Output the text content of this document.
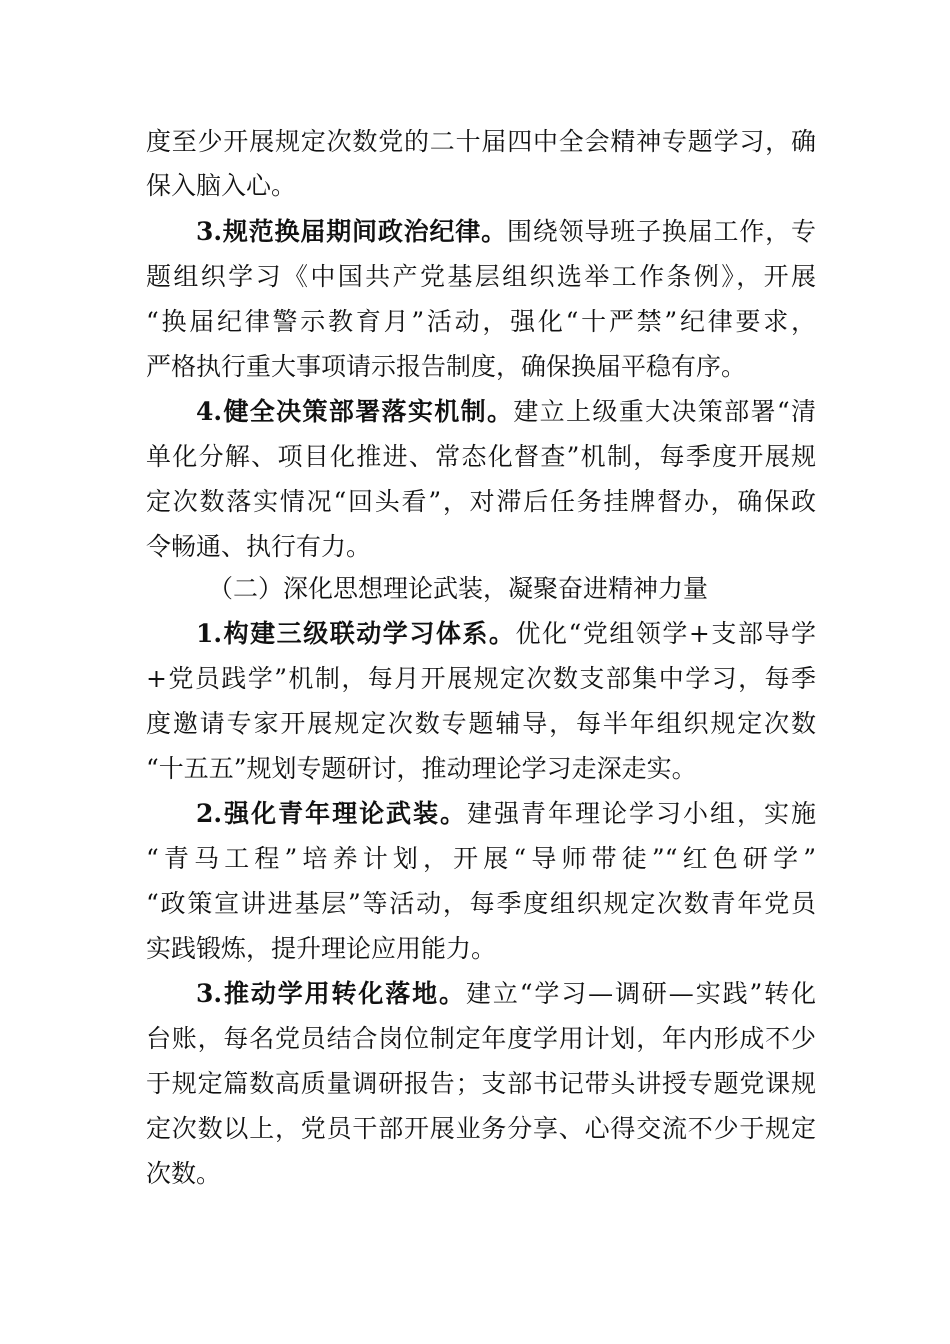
度至少开展规定次数党的二十届四中全会精神专题学习，确
保入脑入心。
3.规范换届期间政治纪律。围绕领导班子换届工作，专
题组织学习《中国共产党基层组织选举工作条例》，开展
“换届纪律警示教育月”活动，强化“十严禁”纪律要求，
严格执行重大事项请示报告制度，确保换届平稳有序。
4.健全决策部署落实机制。建立上级重大决策部署“清
单化分解、项目化推进、常态化督查”机制，每季度开展规
定次数落实情况“回头看”，对滞后任务挂牌督办，确保政
令畅通、执行有力。
（二）深化思想理论武装，凝聚奋进精神力量
1.构建三级联动学习体系。优化“党组领学+支部导学
+党员践学”机制，每月开展规定次数支部集中学习，每季
度邀请专家开展规定次数专题辅导，每半年组织规定次数
“十五五”规划专题研讨，推动理论学习走深走实。
2.强化青年理论武装。建强青年理论学习小组，实施
“青马工程”培养计划，开展“导师带徒”“红色研学”
“政策宣讲进基层”等活动，每季度组织规定次数青年党员
实践锻炼，提升理论应用能力。
3.推动学用转化落地。建立“学习—调研—实践”转化
台账，每名党员结合岗位制定年度学用计划，年内形成不少
于规定篇数高质量调研报告；支部书记带头讲授专题党课规
定次数以上，党员干部开展业务分享、心得交流不少于规定
次数。
